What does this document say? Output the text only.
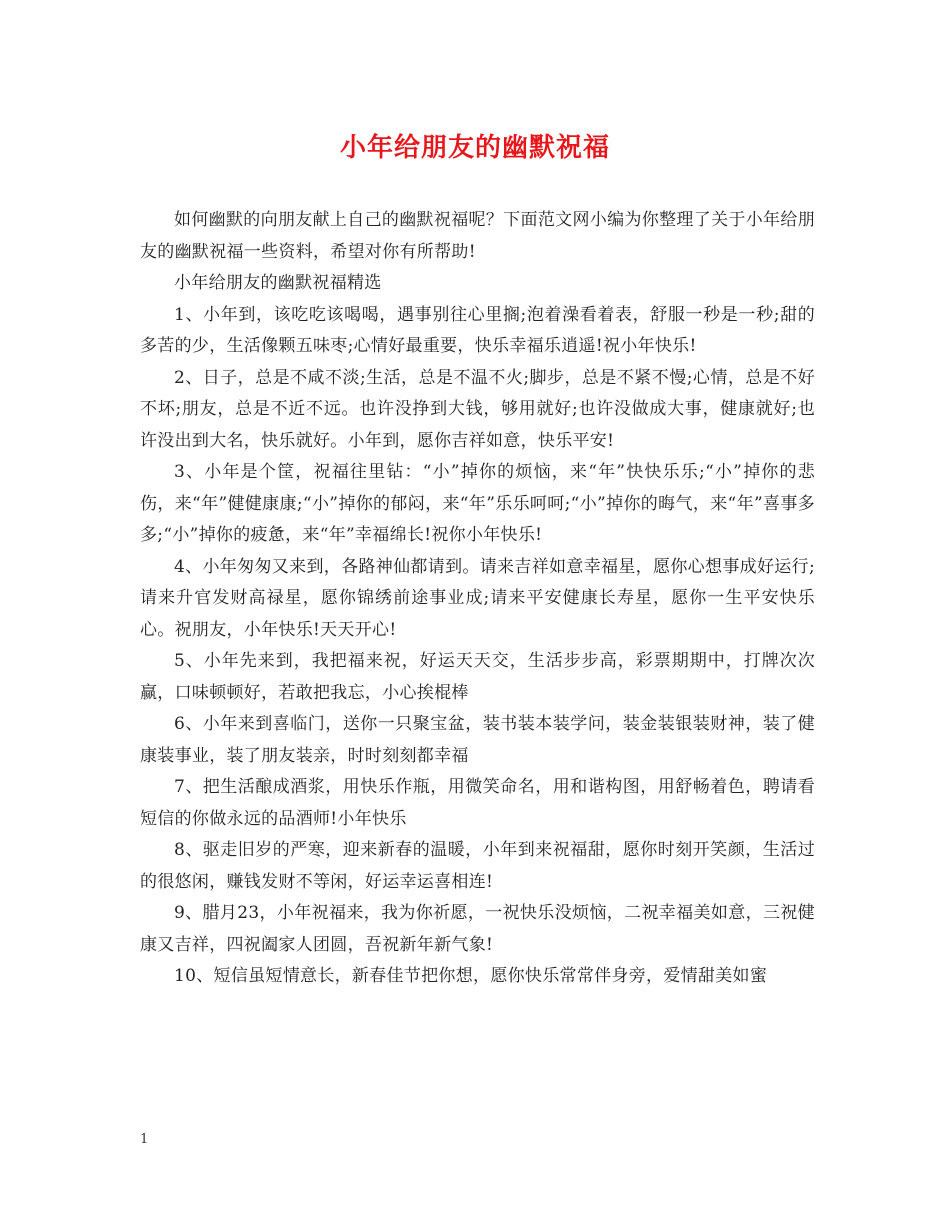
小年给朋友的幽默祝福

如何幽默的向朋友献上自己的幽默祝福呢？下面范文网小编为你整理了关于小年给朋友的幽默祝福一些资料，希望对你有所帮助!

小年给朋友的幽默祝福精选

1、小年到，该吃吃该喝喝，遇事别往心里搁;泡着澡看着表，舒服一秒是一秒;甜的多苦的少，生活像颗五味枣;心情好最重要，快乐幸福乐逍遥!祝小年快乐!

2、日子，总是不咸不淡;生活，总是不温不火;脚步，总是不紧不慢;心情，总是不好不坏;朋友，总是不近不远。也许没挣到大钱，够用就好;也许没做成大事，健康就好;也许没出到大名，快乐就好。小年到，愿你吉祥如意，快乐平安!

3、小年是个筐，祝福往里钻：“小”掉你的烦恼，来“年”快快乐乐;“小”掉你的悲伤，来“年”健健康康;“小”掉你的郁闷，来“年”乐乐呵呵;“小”掉你的晦气，来“年”喜事多多;“小”掉你的疲惫，来“年”幸福绵长!祝你小年快乐!

4、小年匆匆又来到，各路神仙都请到。请来吉祥如意幸福星，愿你心想事成好运行;请来升官发财高禄星，愿你锦绣前途事业成;请来平安健康长寿星，愿你一生平安快乐心。祝朋友，小年快乐!天天开心!

5、小年先来到，我把福来祝，好运天天交，生活步步高，彩票期期中，打牌次次赢，口味顿顿好，若敢把我忘，小心挨棍棒

6、小年来到喜临门，送你一只聚宝盆，装书装本装学问，装金装银装财神，装了健康装事业，装了朋友装亲，时时刻刻都幸福

7、把生活酿成酒浆，用快乐作瓶，用微笑命名，用和谐构图，用舒畅着色，聘请看短信的你做永远的品酒师!小年快乐

8、驱走旧岁的严寒，迎来新春的温暖，小年到来祝福甜，愿你时刻开笑颜，生活过的很悠闲，赚钱发财不等闲，好运幸运喜相连!

9、腊月23，小年祝福来，我为你祈愿，一祝快乐没烦恼，二祝幸福美如意，三祝健康又吉祥，四祝阖家人团圆，吾祝新年新气象!

10、短信虽短情意长，新春佳节把你想，愿你快乐常常伴身旁，爱情甜美如蜜

1
